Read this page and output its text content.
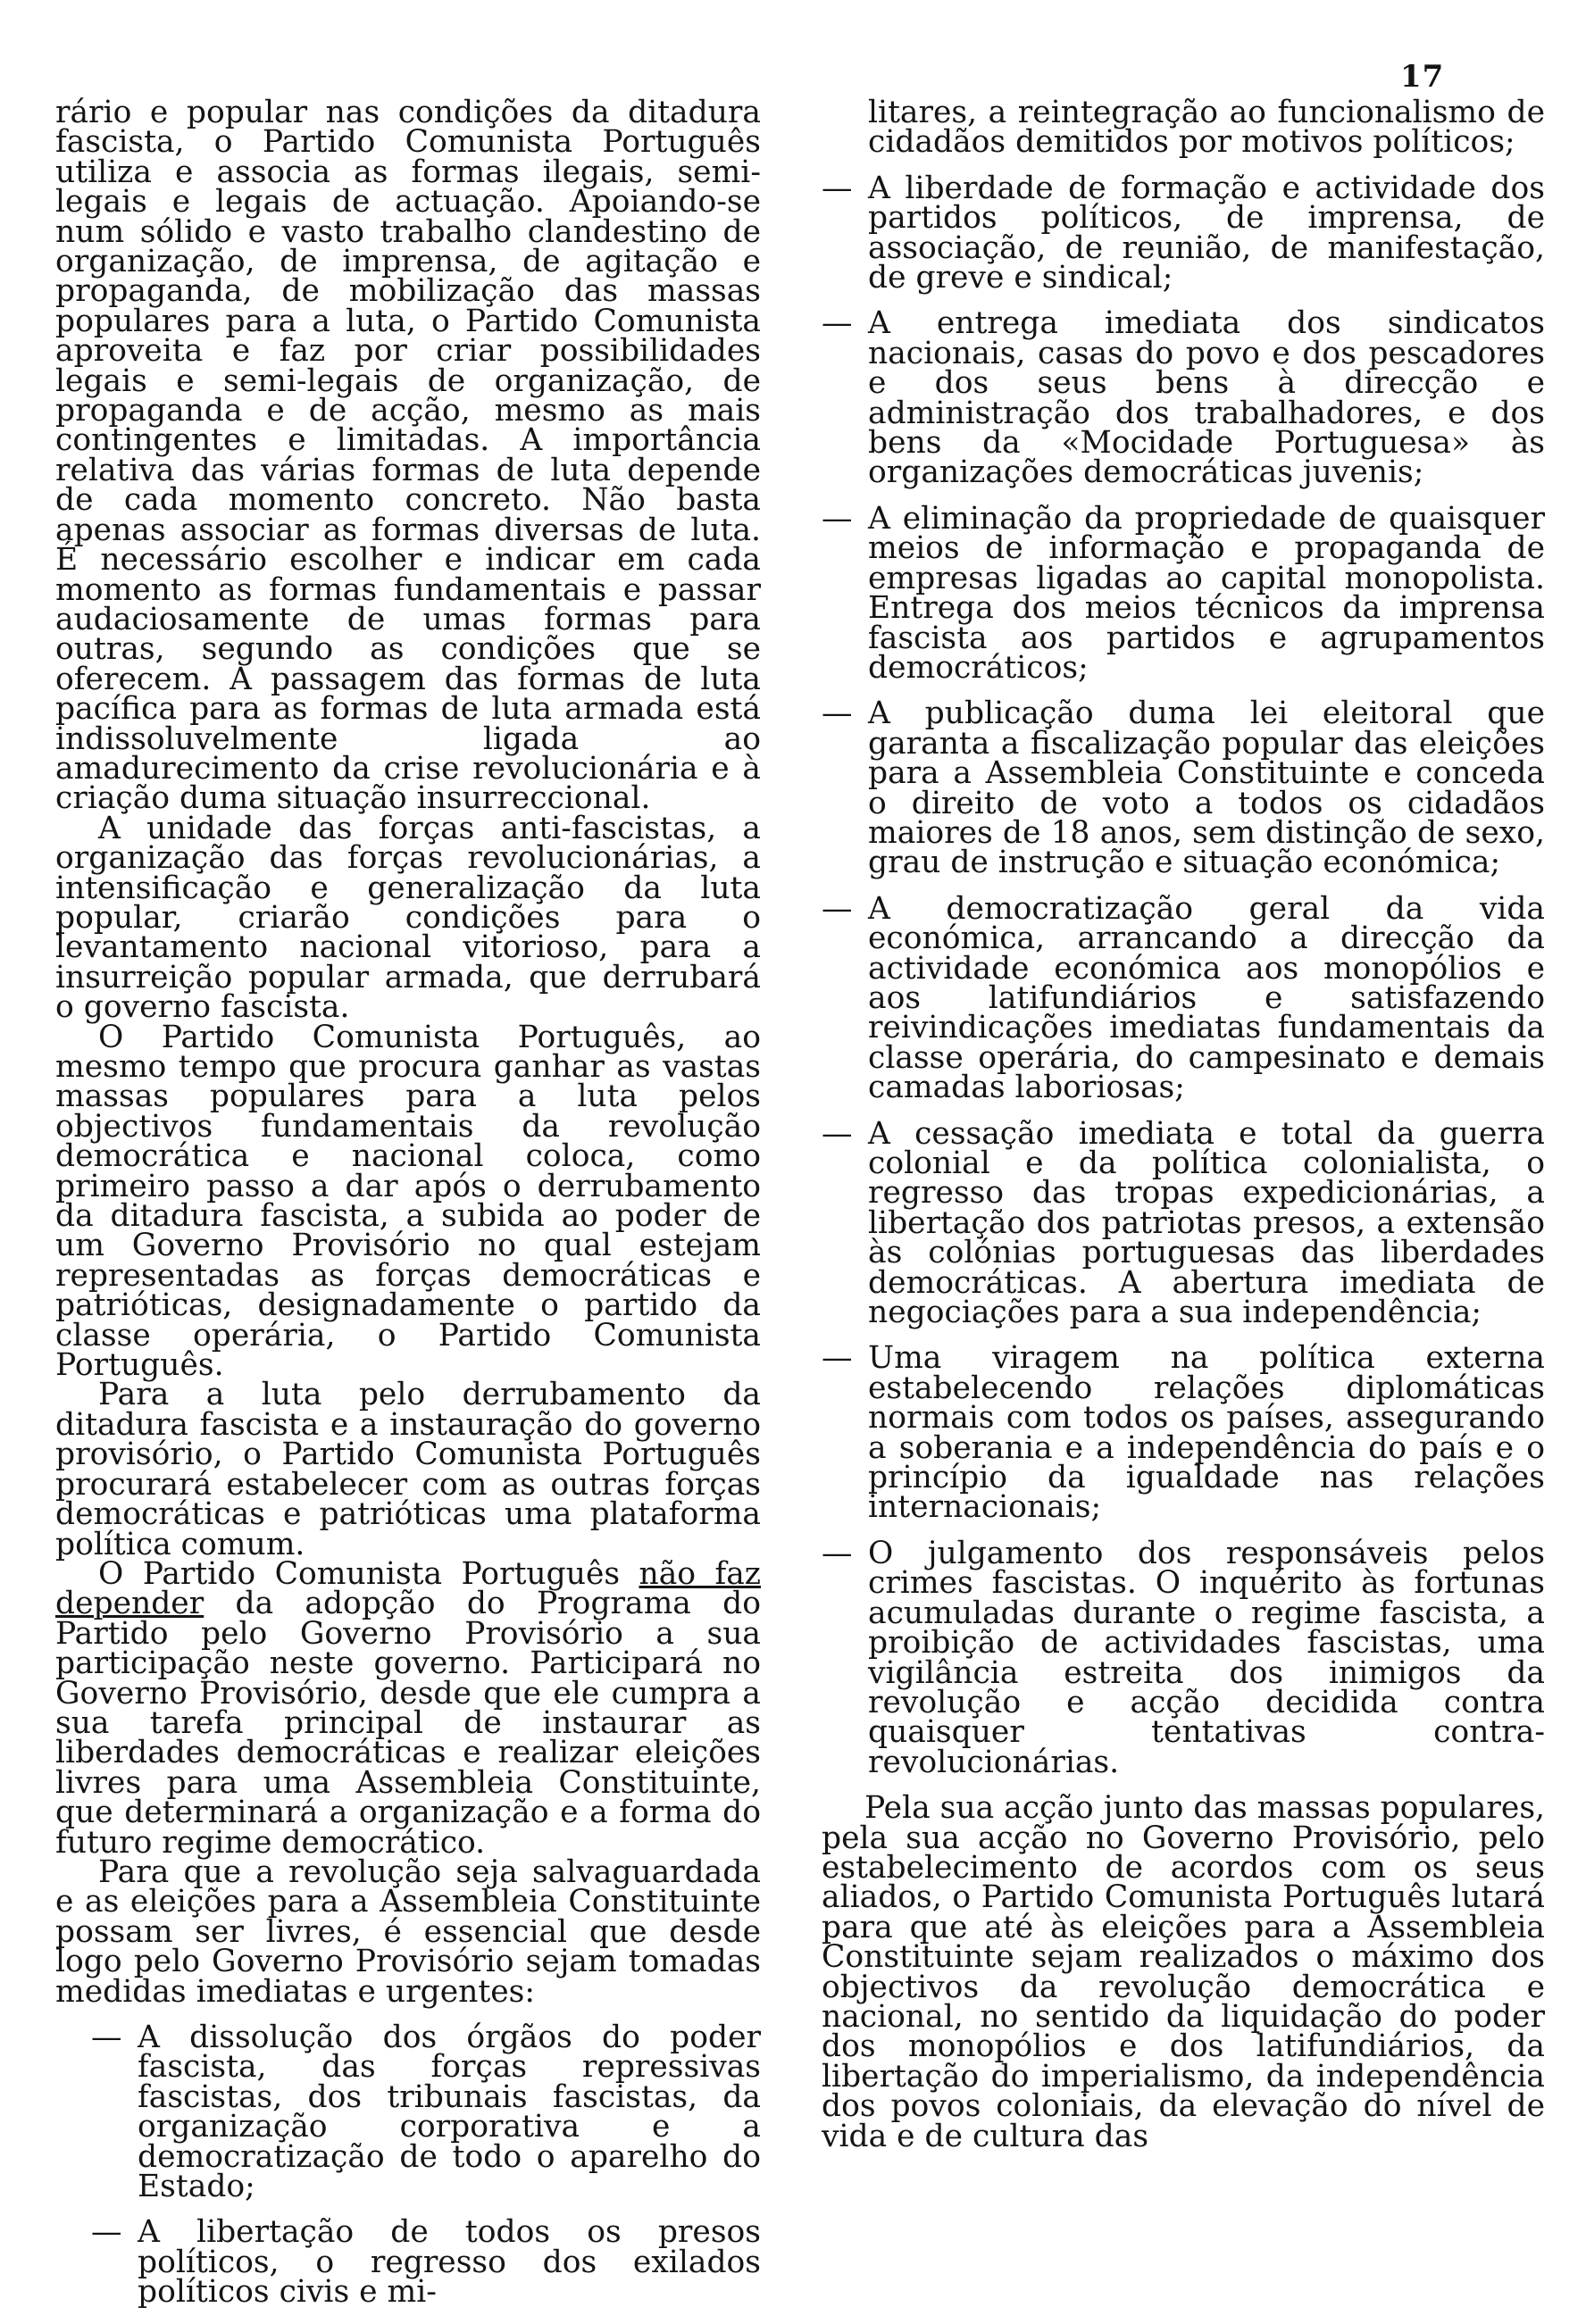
17

rário e popular nas condições da ditadura fascista, o Partido Comunista Português utiliza e associa as formas ilegais, semi-legais e legais de actuação. Apoiando-se num sólido e vasto trabalho clandestino de organização, de imprensa, de agitação e propaganda, de mobilização das massas populares para a luta, o Partido Comunista aproveita e faz por criar possibilidades legais e semi-legais de organização, de propaganda e de acção, mesmo as mais contingentes e limitadas. A importância relativa das várias formas de luta depende de cada momento concreto. Não basta apenas associar as formas diversas de luta. É necessário escolher e indicar em cada momento as formas fundamentais e passar audaciosamente de umas formas para outras, segundo as condições que se oferecem. A passagem das formas de luta pacífica para as formas de luta armada está indissoluvelmente ligada ao amadurecimento da crise revolucionária e à criação duma situação insurreccional.

A unidade das forças anti-fascistas, a organização das forças revolucionárias, a intensificação e generalização da luta popular, criarão condições para o levantamento nacional vitorioso, para a insurreição popular armada, que derrubará o governo fascista.

O Partido Comunista Português, ao mesmo tempo que procura ganhar as vastas massas populares para a luta pelos objectivos fundamentais da revolução democrática e nacional coloca, como primeiro passo a dar após o derrubamento da ditadura fascista, a subida ao poder de um Governo Provisório no qual estejam representadas as forças democráticas e patrióticas, designadamente o partido da classe operária, o Partido Comunista Português.

Para a luta pelo derrubamento da ditadura fascista e a instauração do governo provisório, o Partido Comunista Português procurará estabelecer com as outras forças democráticas e patrióticas uma plataforma política comum.

O Partido Comunista Português não faz depender da adopção do Programa do Partido pelo Governo Provisório a sua participação neste governo. Participará no Governo Provisório, desde que ele cumpra a sua tarefa principal de instaurar as liberdades democráticas e realizar eleições livres para uma Assembleia Constituinte, que determinará a organização e a forma do futuro regime democrático.

Para que a revolução seja salvaguardada e as eleições para a Assembleia Constituinte possam ser livres, é essencial que desde logo pelo Governo Provisório sejam tomadas medidas imediatas e urgentes:

— A dissolução dos órgãos do poder fascista, das forças repressivas fascistas, dos tribunais fascistas, da organização corporativa e a democratização de todo o aparelho do Estado;
— A libertação de todos os presos políticos, o regresso dos exilados políticos civis e mi-

litares, a reintegração ao funcionalismo de cidadãos demitidos por motivos políticos;

— A liberdade de formação e actividade dos partidos políticos, de imprensa, de associação, de reunião, de manifestação, de greve e sindical;
— A entrega imediata dos sindicatos nacionais, casas do povo e dos pescadores e dos seus bens à direcção e administração dos trabalhadores, e dos bens da «Mocidade Portuguesa» às organizações democráticas juvenis;
— A eliminação da propriedade de quaisquer meios de informação e propaganda de empresas ligadas ao capital monopolista. Entrega dos meios técnicos da imprensa fascista aos partidos e agrupamentos democráticos;
— A publicação duma lei eleitoral que garanta a fiscalização popular das eleições para a Assembleia Constituinte e conceda o direito de voto a todos os cidadãos maiores de 18 anos, sem distinção de sexo, grau de instrução e situação económica;
— A democratização geral da vida económica, arrancando a direcção da actividade económica aos monopólios e aos latifundiários e satisfazendo reivindicações imediatas fundamentais da classe operária, do campesinato e demais camadas laboriosas;
— A cessação imediata e total da guerra colonial e da política colonialista, o regresso das tropas expedicionárias, a libertação dos patriotas presos, a extensão às colónias portuguesas das liberdades democráticas. A abertura imediata de negociações para a sua independência;
— Uma viragem na política externa estabelecendo relações diplomáticas normais com todos os países, assegurando a soberania e a independência do país e o princípio da igualdade nas relações internacionais;
— O julgamento dos responsáveis pelos crimes fascistas. O inquérito às fortunas acumuladas durante o regime fascista, a proibição de actividades fascistas, uma vigilância estreita dos inimigos da revolução e acção decidida contra quaisquer tentativas contra-revolucionárias.

Pela sua acção junto das massas populares, pela sua acção no Governo Provisório, pelo estabelecimento de acordos com os seus aliados, o Partido Comunista Português lutará para que até às eleições para a Assembleia Constituinte sejam realizados o máximo dos objectivos da revolução democrática e nacional, no sentido da liquidação do poder dos monopólios e dos latifundiários, da libertação do imperialismo, da independência dos povos coloniais, da elevação do nível de vida e de cultura das
